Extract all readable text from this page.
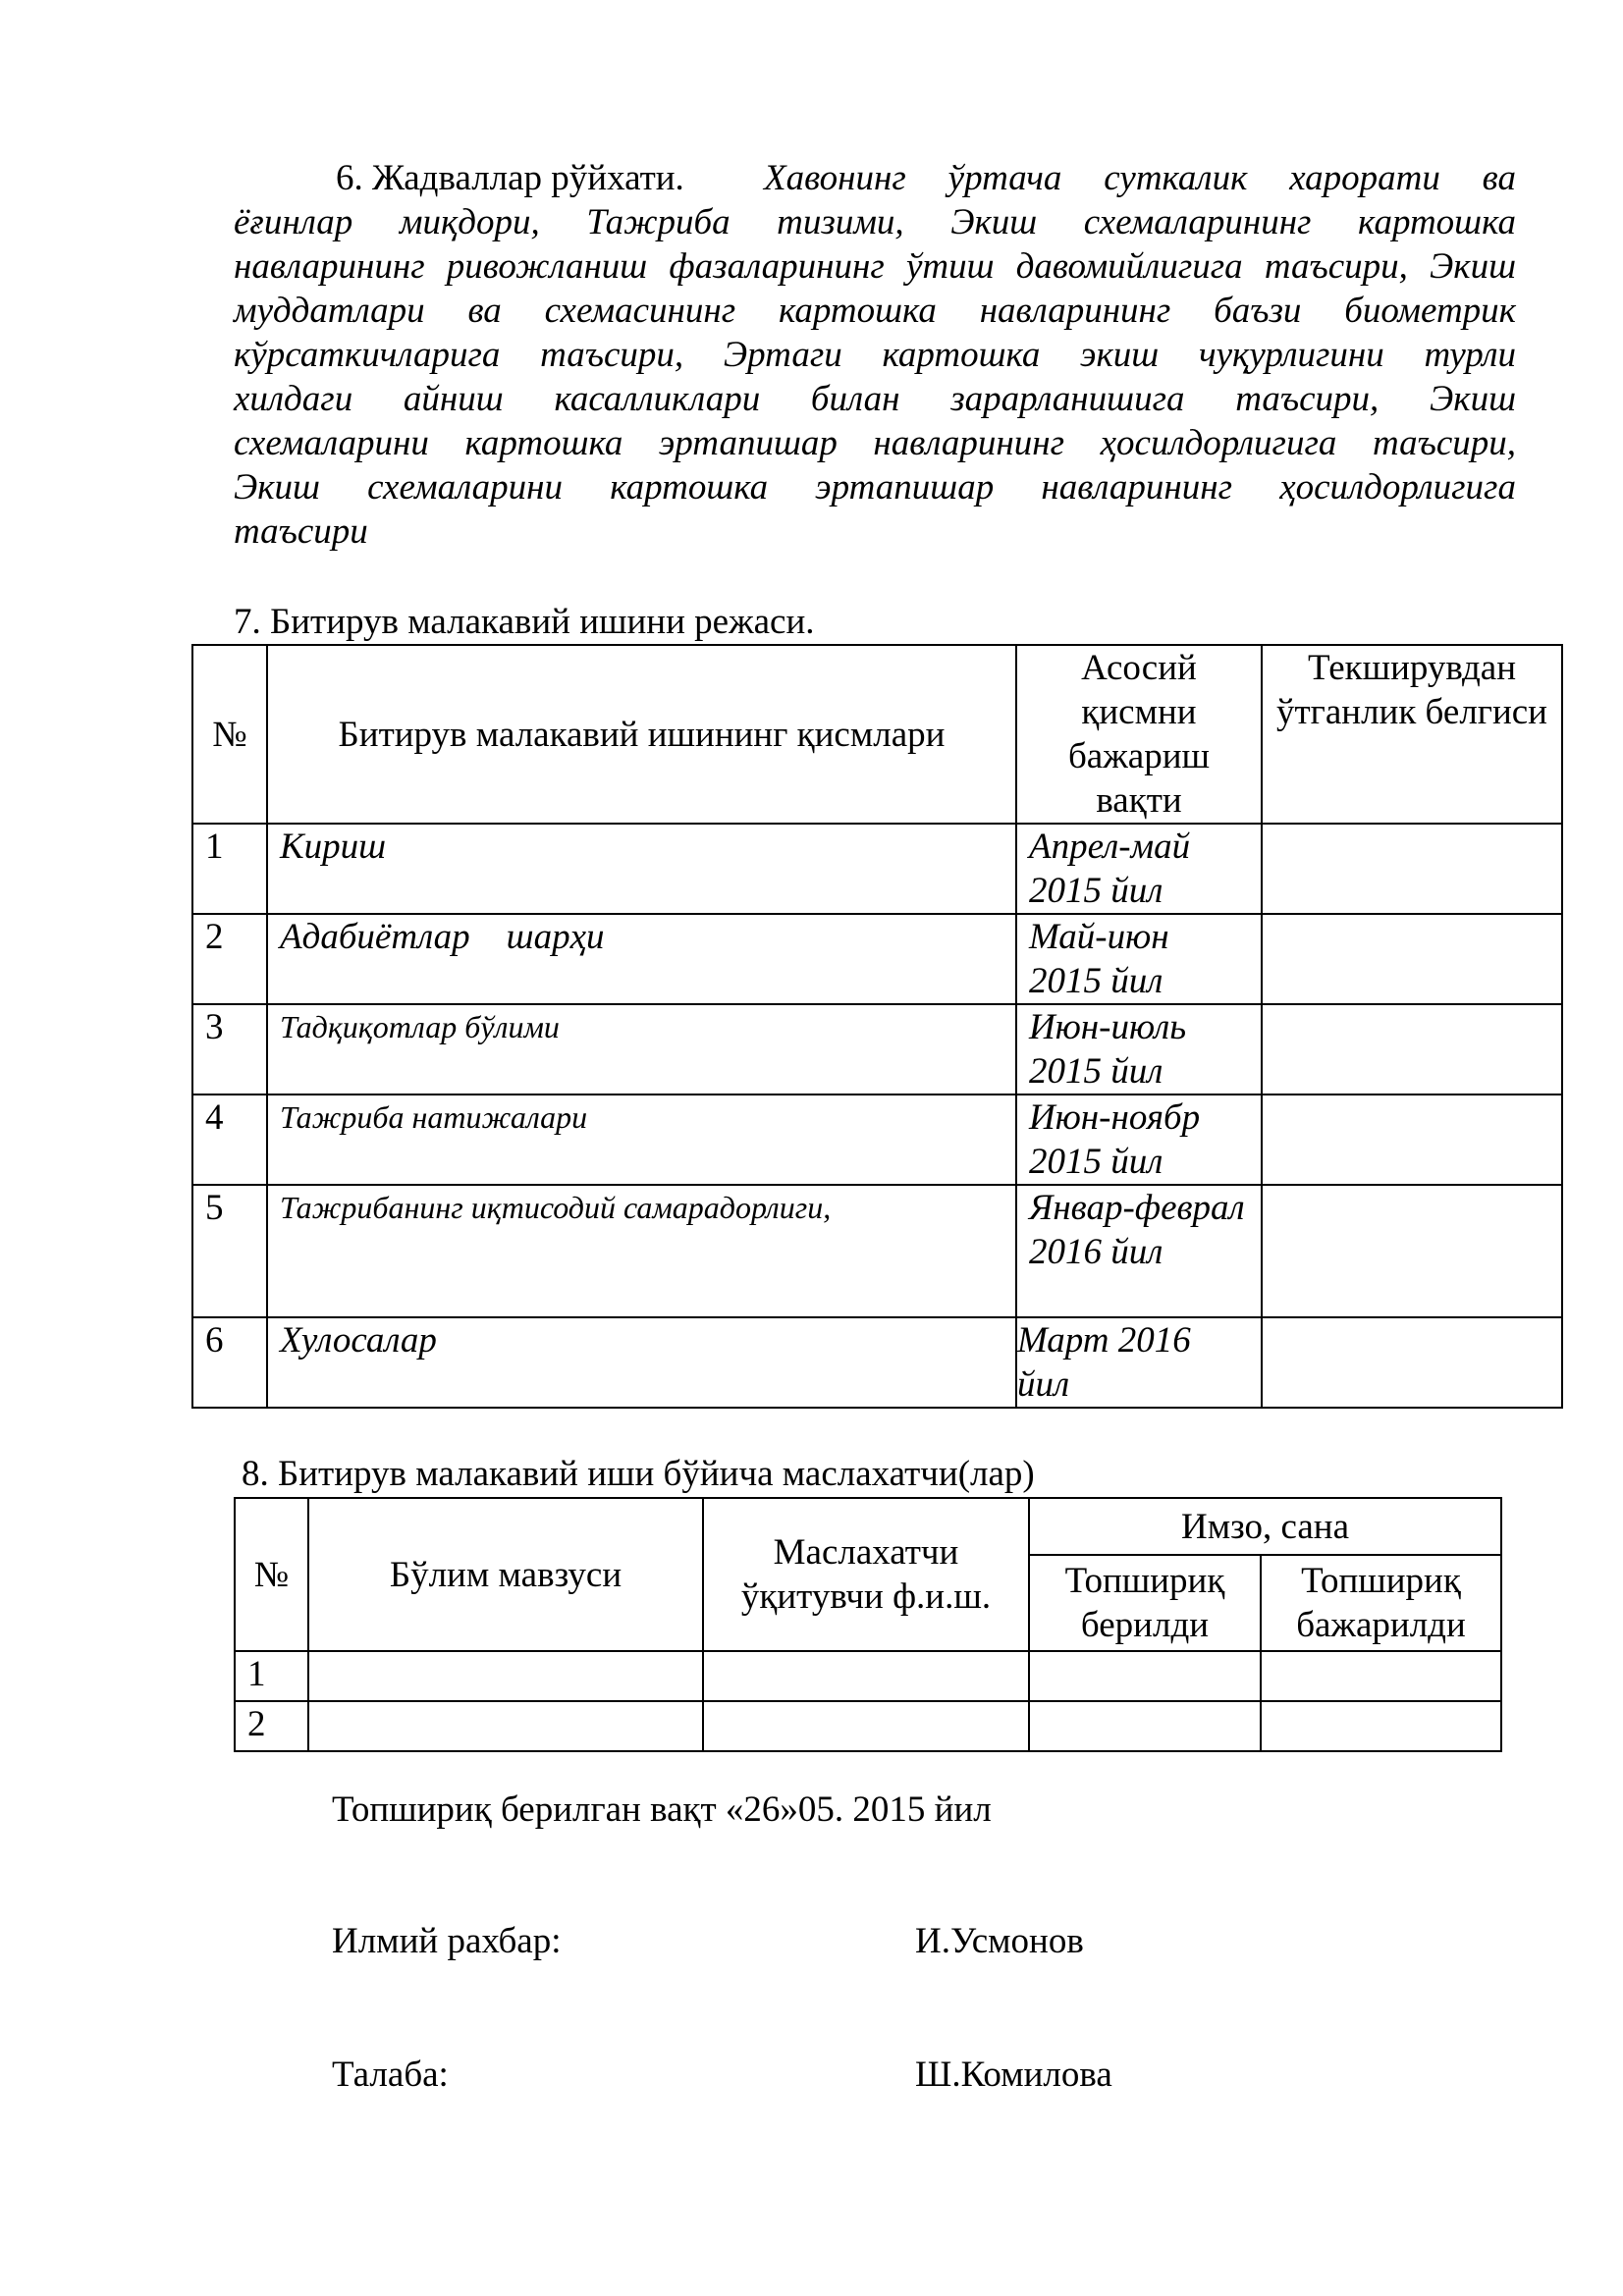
6. Жадваллар рўйхати.	Хавонинг ўртача суткалик харорати ва
ёғинлар миқдори, Тажриба тизими, Экиш схемаларининг картошка
навларининг ривожланиш фазаларининг ўтиш давомийлигига таъсири, Экиш
муддатлари ва схемасининг картошка навларининг баъзи биометрик
кўрсаткичларига таъсири, Эртаги картошка экиш чуқурлигини турли
хилдаги айниш касалликлари билан зарарланишига таъсири, Экиш
схемаларини картошка эртапишар навларининг ҳосилдорлигига таъсири,
Экиш схемаларини картошка эртапишар навларининг ҳосилдорлигига
таъсири
7. Битирув малакавий ишини режаси.
№	Битирув малакавий ишининг қисмлари	Асосий қисмни бажариш вақти	Текширувдан ўтганлик белгиси
1	Кириш	Апрел-май 2015 йил	
2	Адабиётлар    шарҳи	Май-июн 2015 йил	
3	Тадқиқотлар бўлими	Июн-июль 2015 йил	
4	Тажриба натижалари	Июн-ноябр 2015 йил	
5	Тажрибанинг иқтисодий самарадорлиги,	Январ-феврал 2016 йил	
6	Хулосалар	Март 2016 йил	
8. Битирув малакавий иши бўйича маслахатчи(лар)
№	Бўлим мавзуси	Маслахатчи ўқитувчи ф.и.ш.	Имзо, сана	
			Топшириқ берилди	Топшириқ бажарилди
1				
2				
Топшириқ берилган вақт «26»05. 2015 йил
Илмий рахбар:	И.Усмонов
Талаба:	Ш.Комилова
